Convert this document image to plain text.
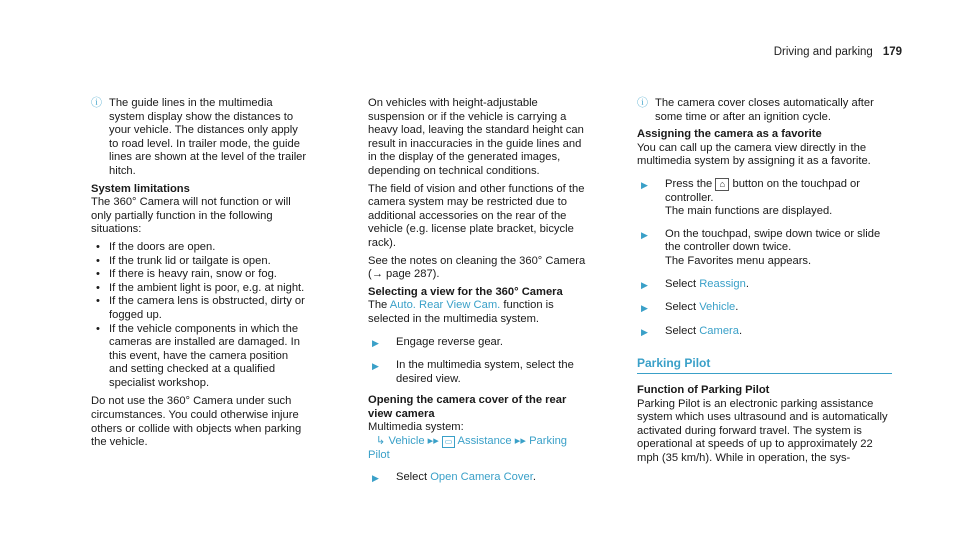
Driving and parking 179
ⓘ The guide lines in the multimedia system display show the distances to your vehicle. The distances only apply to road level. In trailer mode, the guide lines are shown at the level of the trailer hitch.

System limitations

The 360° Camera will not function or will only partially function in the following situations:

• If the doors are open.
• If the trunk lid or tailgate is open.
• If there is heavy rain, snow or fog.
• If the ambient light is poor, e.g. at night.
• If the camera lens is obstructed, dirty or fogged up.
• If the vehicle components in which the cameras are installed are damaged. In this event, have the camera position and setting checked at a qualified specialist workshop.

Do not use the 360° Camera under such circumstances. You could otherwise injure others or collide with objects when parking the vehicle.

On vehicles with height-adjustable suspension or if the vehicle is carrying a heavy load, leaving the standard height can result in inaccuracies in the guide lines and in the display of the generated images, depending on technical conditions.

The field of vision and other functions of the camera system may be restricted due to additional accessories on the rear of the vehicle (e.g. license plate bracket, bicycle rack).

See the notes on cleaning the 360° Camera (→ page 287).

Selecting a view for the 360° Camera

The Auto. Rear View Cam. function is selected in the multimedia system.

▶	Engage reverse gear.
▶	In the multimedia system, select the desired view.

Opening the camera cover of the rear view camera

Multimedia system:

↳ Vehicle ▸▸ ▭ Assistance ▸▸ Parking Pilot

▶	Select Open Camera Cover.
ⓘ The camera cover closes automatically after some time or after an ignition cycle.

Assigning the camera as a favorite

You can call up the camera view directly in the multimedia system by assigning it as a favorite.

▶	Press the ⌂ button on the touchpad or controller.
The main functions are displayed.
▶	On the touchpad, swipe down twice or slide the controller down twice.
The Favorites menu appears.
▶	Select Reassign.
▶	Select Vehicle.
▶	Select Camera.
Parking Pilot

Function of Parking Pilot

Parking Pilot is an electronic parking assistance system which uses ultrasound and is automatically activated during forward travel. The system is operational at speeds of up to approximately 22 mph (35 km/h). While in operation, the sys-
